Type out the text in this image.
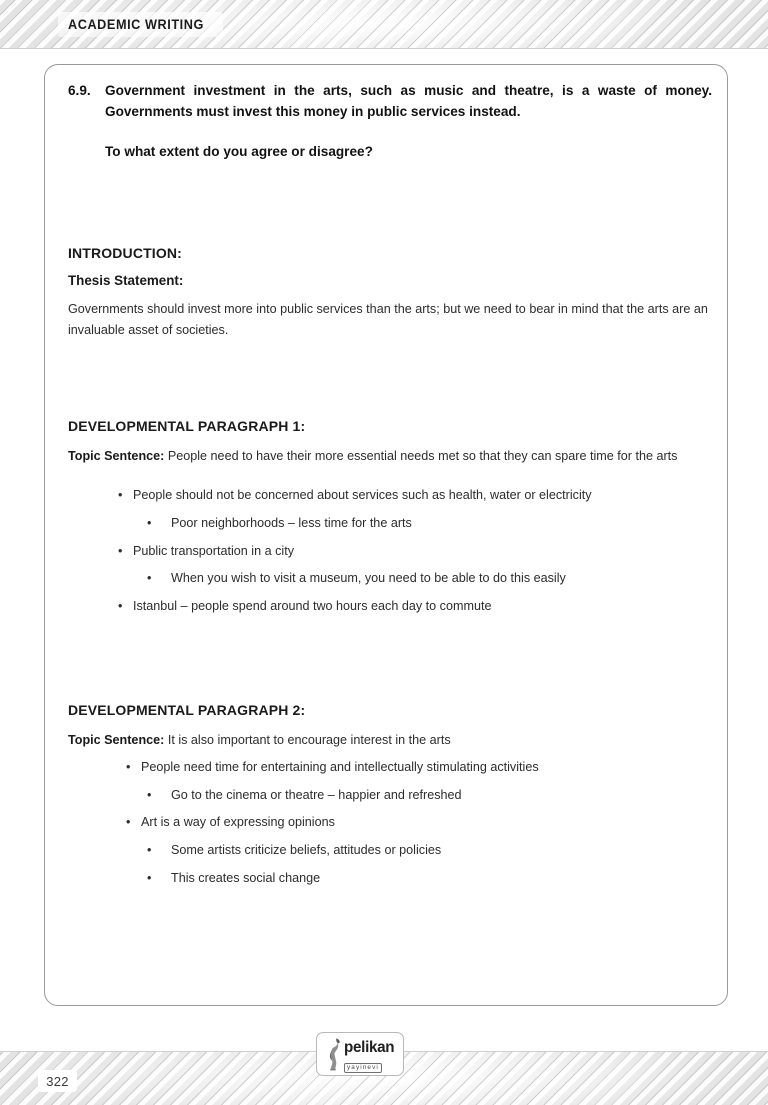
ACADEMIC WRITING
6.9.	Government investment in the arts, such as music and theatre, is a waste of money. Governments must invest this money in public services instead.
To what extent do you agree or disagree?
INTRODUCTION:
Thesis Statement:
Governments should invest more into public services than the arts; but we need to bear in mind that the arts are an invaluable asset of societies.
DEVELOPMENTAL PARAGRAPH 1:
Topic Sentence: People need to have their more essential needs met so that they can spare time for the arts
• People should not be concerned about services such as health, water or electricity
•	Poor neighborhoods – less time for the arts
• Public transportation in a city
•	When you wish to visit a museum, you need to be able to do this easily
• Istanbul – people spend around two hours each day to commute
DEVELOPMENTAL PARAGRAPH 2:
Topic Sentence: It is also important to encourage interest in the arts
• People need time for entertaining and intellectually stimulating activities
•	Go to the cinema or theatre – happier and refreshed
• Art is a way of expressing opinions
•	Some artists criticize beliefs, attitudes or policies
•	This creates social change
322
pelikan
yayinevi
